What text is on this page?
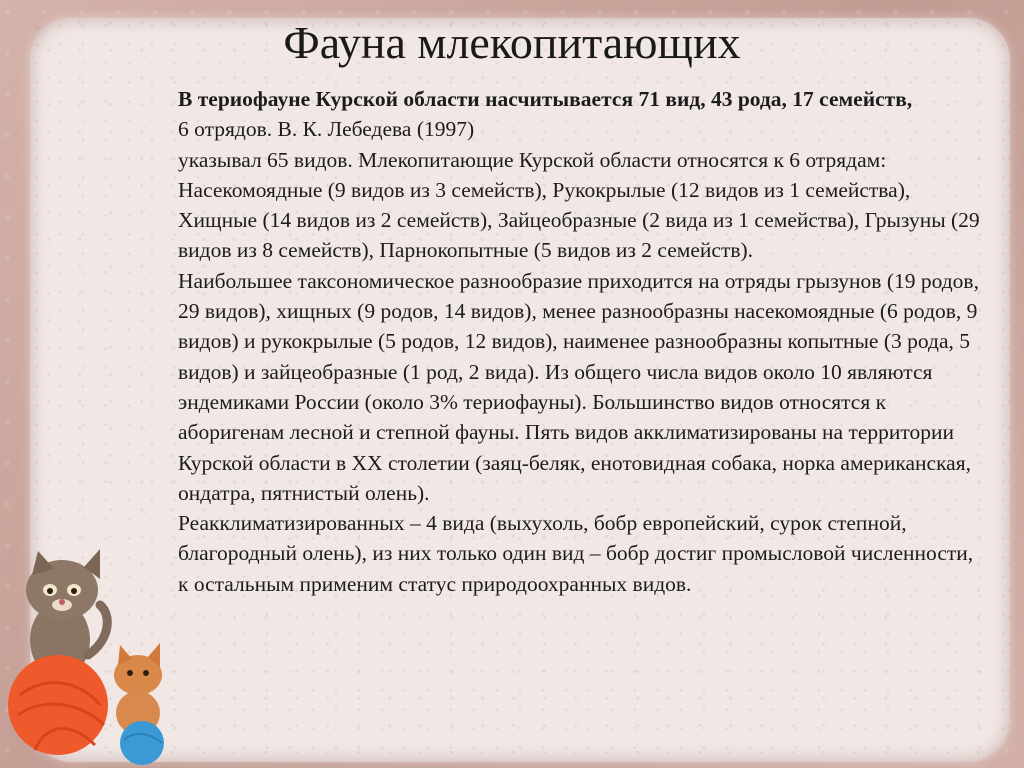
Фауна млекопитающих

В териофауне Курской области насчитывается 71 вид, 43 рода, 17 семейств,

6 отрядов. В. К. Лебедева (1997)

указывал 65 видов. Млекопитающие Курской области относятся к 6 отрядам: Насекомоядные (9 видов из 3 семейств), Рукокрылые (12 видов из 1 семейства), Хищные (14 видов из 2 семейств), Зайцеобразные (2 вида из 1 семейства), Грызуны (29 видов из 8 семейств), Парнокопытные (5 видов из 2 семейств).

Наибольшее таксономическое разнообразие приходится на отряды грызунов (19 родов, 29 видов), хищных (9 родов, 14 видов), менее разнообразны насекомоядные (6 родов, 9 видов) и рукокрылые (5 родов, 12 видов), наименее разнообразны копытные (3 рода, 5 видов) и зайцеобразные (1 род, 2 вида). Из общего числа видов около 10 являются эндемиками России (около 3% териофауны). Большинство видов относятся к аборигенам лесной и степной фауны. Пять видов акклиматизированы на территории Курской области в XX столетии (заяц-беляк, енотовидная собака, норка американская, ондатра, пятнистый олень).

Реакклиматизированных – 4 вида (выхухоль, бобр европейский, сурок степной,

благородный олень), из них только один вид – бобр достиг промысловой численности, к остальным применим статус природоохранных видов.
